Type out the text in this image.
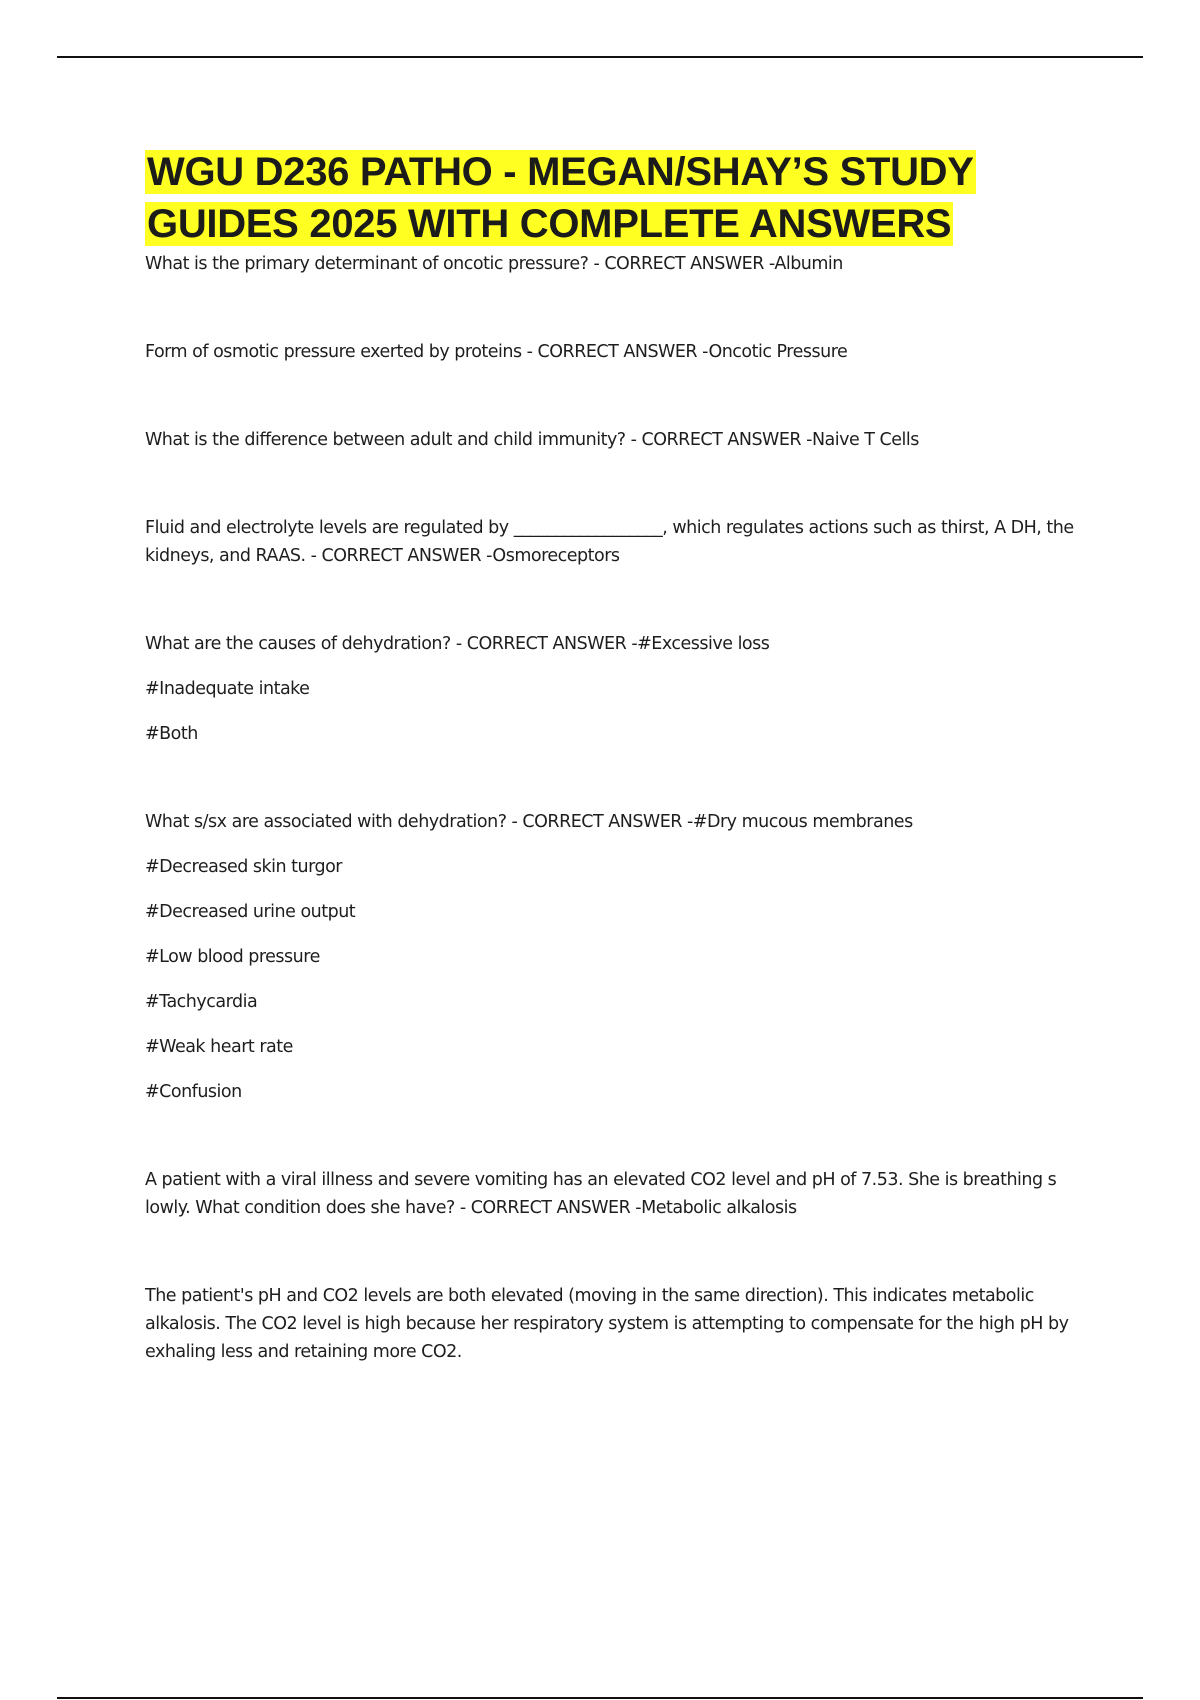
WGU D236 PATHO - MEGAN/SHAY’S STUDY GUIDES 2025 WITH COMPLETE ANSWERS

What is the primary determinant of oncotic pressure? - CORRECT ANSWER -Albumin

Form of osmotic pressure exerted by proteins - CORRECT ANSWER -Oncotic Pressure

What is the difference between adult and child immunity? - CORRECT ANSWER -Naive T Cells

Fluid and electrolyte levels are regulated by __________________, which regulates actions such as thirst, A DH, the kidneys, and RAAS. - CORRECT ANSWER -Osmoreceptors

What are the causes of dehydration? - CORRECT ANSWER -#Excessive loss

#Inadequate intake

#Both

What s/sx are associated with dehydration? - CORRECT ANSWER -#Dry mucous membranes

#Decreased skin turgor

#Decreased urine output

#Low blood pressure

#Tachycardia

#Weak heart rate

#Confusion

A patient with a viral illness and severe vomiting has an elevated CO2 level and pH of 7.53. She is breathing s lowly. What condition does she have? - CORRECT ANSWER -Metabolic alkalosis

The patient's pH and CO2 levels are both elevated (moving in the same direction). This indicates metabolic alkalosis. The CO2 level is high because her respiratory system is attempting to compensate for the high pH by exhaling less and retaining more CO2.
